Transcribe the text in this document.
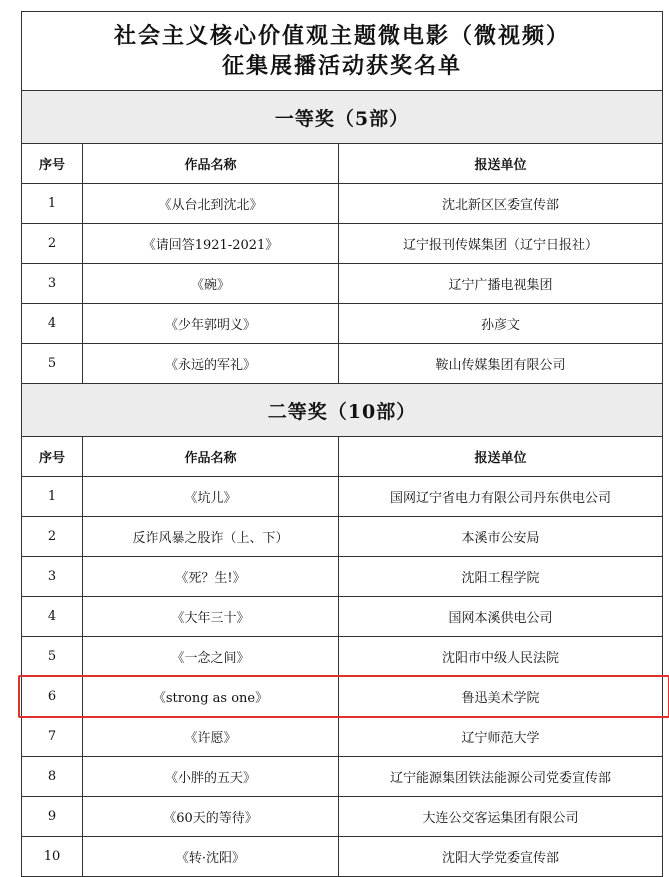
社会主义核心价值观主题微电影（微视频）
征集展播活动获奖名单
一等奖（5部）
序号	作品名称	报送单位
1	《从台北到沈北》	沈北新区区委宣传部
2	《请回答1921-2021》	辽宁报刊传媒集团（辽宁日报社）
3	《碗》	辽宁广播电视集团
4	《少年郭明义》	孙彦文
5	《永远的军礼》	鞍山传媒集团有限公司
二等奖（10部）
序号	作品名称	报送单位
1	《坑儿》	国网辽宁省电力有限公司丹东供电公司
2	反诈风暴之股诈（上、下）	本溪市公安局
3	《死？生!》	沈阳工程学院
4	《大年三十》	国网本溪供电公司
5	《一念之间》	沈阳市中级人民法院
6	《strong as one》	鲁迅美术学院
7	《许愿》	辽宁师范大学
8	《小胖的五天》	辽宁能源集团铁法能源公司党委宣传部
9	《60天的等待》	大连公交客运集团有限公司
10	《转·沈阳》	沈阳大学党委宣传部
